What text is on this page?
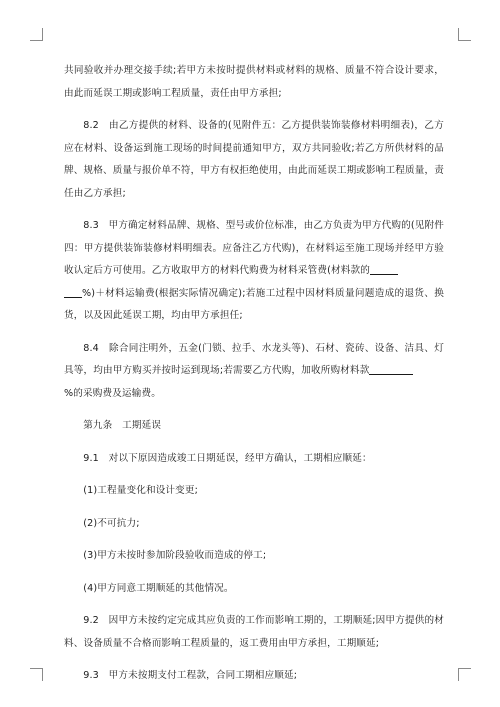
共同验收并办理交接手续;若甲方未按时提供材料或材料的规格、质量不符合设计要求，由此而延误工期或影响工程质量，责任由甲方承担;

8.2　由乙方提供的材料、设备的(见附件五：乙方提供装饰装修材料明细表)，乙方应在材料、设备运到施工现场的时间提前通知甲方，双方共同验收;若乙方所供材料的品牌、规格、质量与报价单不符，甲方有权拒绝使用，由此而延误工期或影响工程质量，责任由乙方承担;

8.3　甲方确定材料品牌、规格、型号或价位标准，由乙方负责为甲方代购的(见附件四：甲方提供装饰装修材料明细表。应备注乙方代购)，在材料运至施工现场并经甲方验收认定后方可使用。乙方收取甲方的材料代购费为材料采管费(材料款的
%)＋材料运输费(根据实际情况确定);若施工过程中因材料质量问题造成的退货、换货，以及因此延误工期，均由甲方承担任;

8.4　除合同注明外，五金(门锁、拉手、水龙头等)、石材、瓷砖、设备、洁具、灯具等，均由甲方购买并按时运到现场;若需要乙方代购，加收所购材料款
%的采购费及运输费。

第九条　工期延误

9.1　对以下原因造成竣工日期延误，经甲方确认，工期相应顺延：

(1)工程量变化和设计变更;

(2)不可抗力;

(3)甲方未按时参加阶段验收而造成的停工;

(4)甲方同意工期顺延的其他情况。

9.2　因甲方未按约定完成其应负责的工作而影响工期的，工期顺延;因甲方提供的材料、设备质量不合格而影响工程质量的，返工费用由甲方承担，工期顺延;

9.3　甲方未按期支付工程款，合同工期相应顺延;
